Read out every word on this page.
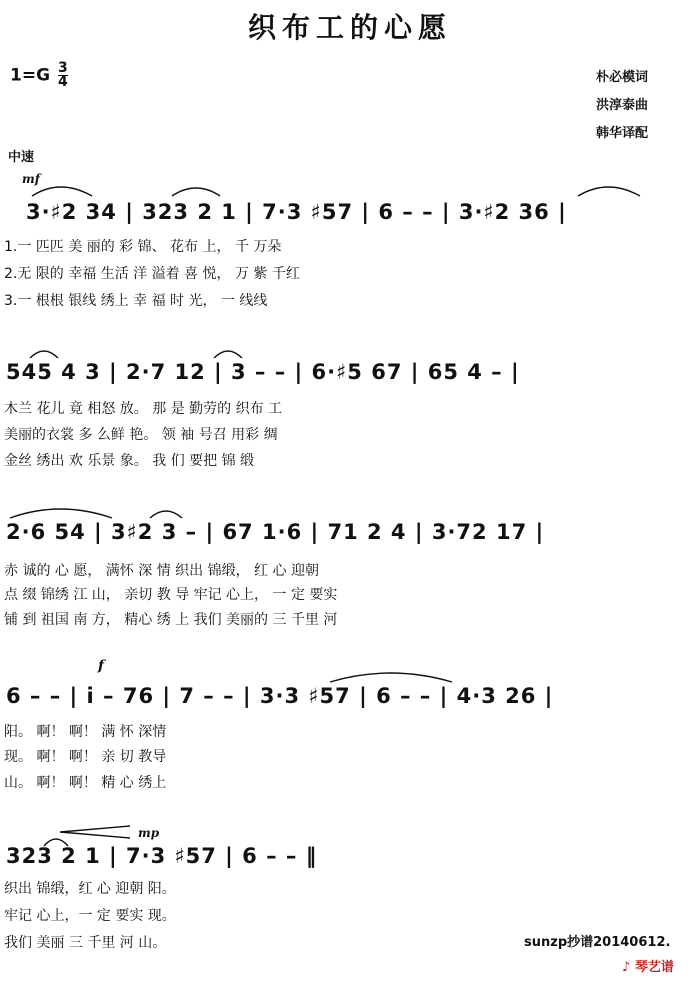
织布工的心愿
$1=G \frac{3}{4}$	朴必模词
洪淳泰曲
韩华译配
中速
mf
f
mp
3·♯2 34 | 323 2 1 | 7·3 ♯57 | 6 – – | 3·♯2 36 |
1.一 匹匹 美 丽的 彩 锦、 花布 上， 千 万朵
2.无 限的 幸福 生活 洋 溢着 喜 悦， 万 紫 千红
3.一 根根 银线 绣上 幸 福 时 光， 一 线线
545 4 3 | 2·7 12 | 3 – – | 6·♯5 67 | 65 4 – |
木兰 花儿 竟 相怒 放。 那 是 勤劳的 织布 工
美丽的衣裳 多 么鲜 艳。 领 袖 号召 用彩 绸
金丝 绣出 欢 乐景 象。 我 们 要把 锦 缎
2·6 54 | 3♯2 3 – | 67 1·6 | 71 2 4 | 3·72 17 |
赤 诚的 心 愿， 满怀 深 情 织出 锦缎， 红 心 迎朝
点 缀 锦绣 江 山， 亲切 教 导 牢记 心上， 一 定 要实
铺 到 祖国 南 方， 精心 绣 上 我们 美丽的 三 千里 河
6 – – | i – 76 | 7 – – | 3·3 ♯57 | 6 – – | 4·3 26 |
阳。 啊！ 啊！ 满 怀 深情
现。 啊！ 啊！ 亲 切 教导
山。 啊！ 啊！ 精 心 绣上
323 2 1 | 7·3 ♯57 | 6 – – ‖
织出 锦缎，红 心 迎朝 阳。
牢记 心上，一 定 要实 现。
我们 美丽 三 千里 河 山。	sunzp抄谱20140612.
♪ 琴艺谱
